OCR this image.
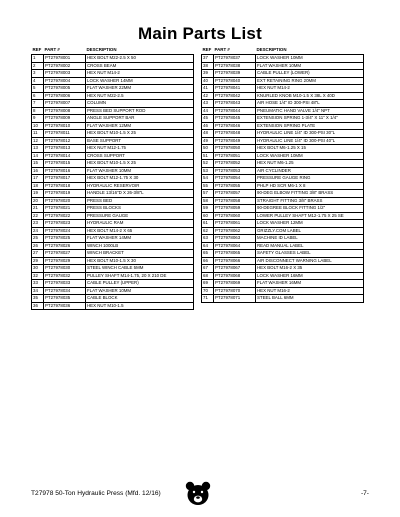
Main Parts List
REF	PART #	DESCRIPTION
1	PT27978001	HEX BOLT M22-2.5 X 50
2	PT27978002	CROSS BEAM
3	PT27978003	HEX NUT M14-2
4	PT27978004	LOCK WASHER 14MM
5	PT27978005	FLAT WASHER 22MM
6	PT27978006	HEX NUT M22-2.5
7	PT27978007	COLUMN
8	PT27978008	PRESS BED SUPPORT ROD
9	PT27978009	ANGLE SUPPORT BAR
10	PT27978010	FLAT WASHER 12MM
11	PT27978011	HEX BOLT M10-1.5 X 25
12	PT27978012	BASE SUPPORT
13	PT27978013	HEX NUT M12-1.75
14	PT27978014	CROSS SUPPORT
15	PT27978015	HEX BOLT M10-1.5 X 25
16	PT27978016	FLAT WASHER 10MM
17	PT27978017	HEX BOLT M12-1.75 X 30
18	PT27978018	HYDRAULIC RESERVOIR
19	PT27978019	HANDLE 13/16"D X 26-3/8"L
20	PT27978020	PRESS BED
21	PT27978021	PRESS BLOCKS
22	PT27978022	PRESSURE GAUGE
23	PT27978023	HYDRAULIC RAM
24	PT27978024	HEX BOLT M14-2 X 65
25	PT27978025	FLAT WASHER 14MM
26	PT27978026	WINCH 1000LB
27	PT27978027	WINCH BRACKET
29	PT27978029	HEX BOLT M10-1.5 X 30
30	PT27978030	STEEL WINCH CABLE 5MM
32	PT27978032	PULLEY SHAFT M14-1.75, 20 X 210 DE
33	PT27978033	CABLE PULLEY (UPPER)
34	PT27978034	FLAT WASHER 10MM
35	PT27978035	CABLE BLOCK
36	PT27978036	HEX NUT M10-1.5
REF	PART #	DESCRIPTION
37	PT27978037	LOCK WASHER 10MM
38	PT27978038	FLAT WASHER 10MM
39	PT27978039	CABLE PULLEY (LOWER)
40	PT27978040	EXT RETAINING RING 20MM
41	PT27978041	HEX NUT M14-2
42	PT27978042	KNURLED KNOB M10-1.5 X 38L X 40D
43	PT27978043	AIR HOSE 1/4" ID 300-PSI 48"L
44	PT27978044	PNEUMATIC HAND VALVE 1/4" NPT
45	PT27978045	EXTENSION SPRING 1-3/4" X 11" X 1/4"
46	PT27978046	EXTENSION SPRING PLATE
48	PT27978048	HYDRAULIC LINE 1/4" ID 300-PSI 30"L
49	PT27978049	HYDRAULIC LINE 1/4" ID 300-PSI 40"L
50	PT27978050	HEX BOLT M6-1.25 X 15
51	PT27978051	LOCK WASHER 10MM
52	PT27978052	HEX NUT M6-1.25
53	PT27978053	AIR CYCLINDER
54	PT27978054	PRESSURE GAUGE RING
55	PT27978055	PHLP HD SCR M6-1 X 8
57	PT27978057	90-DEG ELBOW FITTING 3/8" BRASS
58	PT27978058	STRAIGHT FITTING 3/8" BRASS
59	PT27978059	90-DEGREE BLOCK FITTING 1/2"
60	PT27978060	LOWER PULLEY SHAFT M12-1.75 X 25 SE
61	PT27978061	LOCK WASHER 12MM
62	PT27978062	GRIZZLY.COM LABEL
63	PT27978063	MACHINE ID LABEL
64	PT27978064	READ MANUAL LABEL
65	PT27978065	SAFETY GLASSES LABEL
66	PT27978066	AIR DISCONNECT WARNING LABEL
67	PT27978067	HEX BOLT M16-2 X 35
68	PT27978068	LOCK WASHER 16MM
69	PT27978069	FLAT WASHER 16MM
70	PT27978070	HEX NUT M16-2
71	PT27978071	STEEL BALL 6MM
T27978 50-Ton Hydraulic Press (Mfd. 12/16)	-7-
